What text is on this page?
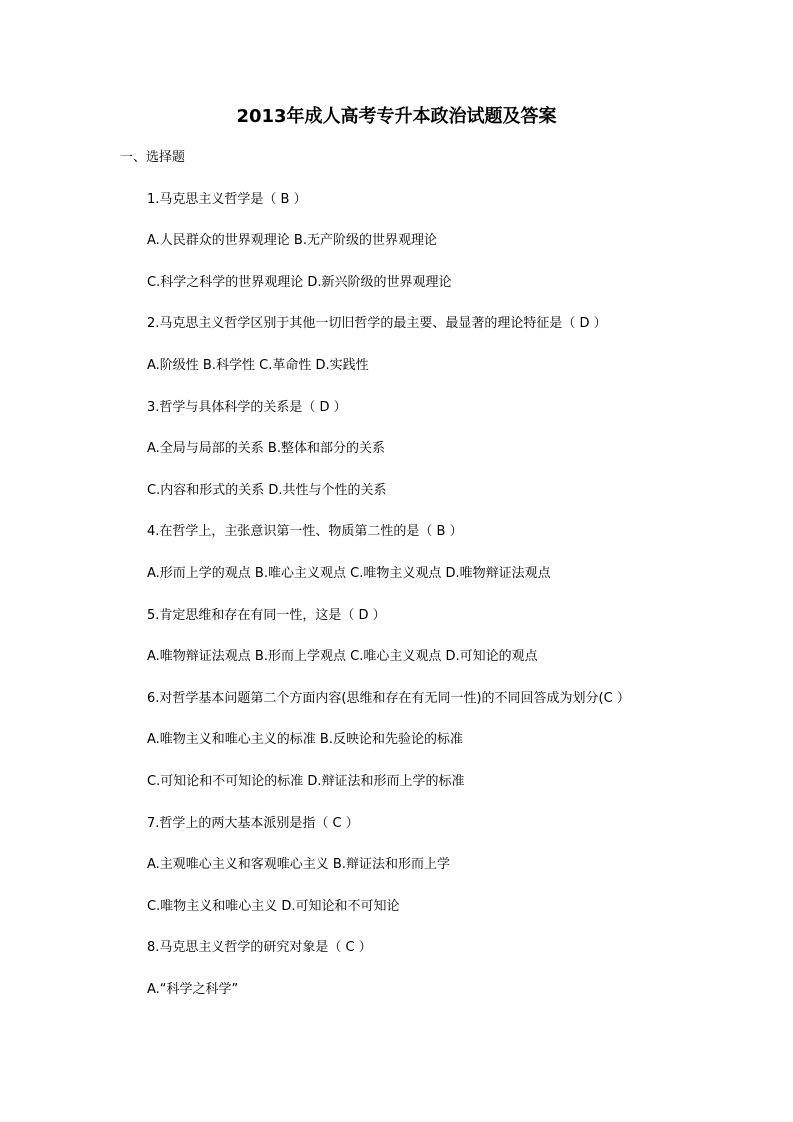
2013年成人高考专升本政治试题及答案
一、选择题
1.马克思主义哲学是（ B ）
A.人民群众的世界观理论 B.无产阶级的世界观理论
C.科学之科学的世界观理论 D.新兴阶级的世界观理论
2.马克思主义哲学区别于其他一切旧哲学的最主要、最显著的理论特征是（ D ）
A.阶级性 B.科学性 C.革命性 D.实践性
3.哲学与具体科学的关系是（ D ）
A.全局与局部的关系 B.整体和部分的关系
C.内容和形式的关系 D.共性与个性的关系
4.在哲学上，主张意识第一性、物质第二性的是（ B ）
A.形而上学的观点 B.唯心主义观点 C.唯物主义观点 D.唯物辩证法观点
5.肯定思维和存在有同一性，这是（ D ）
A.唯物辩证法观点 B.形而上学观点 C.唯心主义观点 D.可知论的观点
6.对哲学基本问题第二个方面内容(思维和存在有无同一性)的不同回答成为划分(C ）
A.唯物主义和唯心主义的标准 B.反映论和先验论的标准
C.可知论和不可知论的标准 D.辩证法和形而上学的标准
7.哲学上的两大基本派别是指（ C ）
A.主观唯心主义和客观唯心主义 B.辩证法和形而上学
C.唯物主义和唯心主义 D.可知论和不可知论
8.马克思主义哲学的研究对象是（ C ）
A.“科学之科学”
